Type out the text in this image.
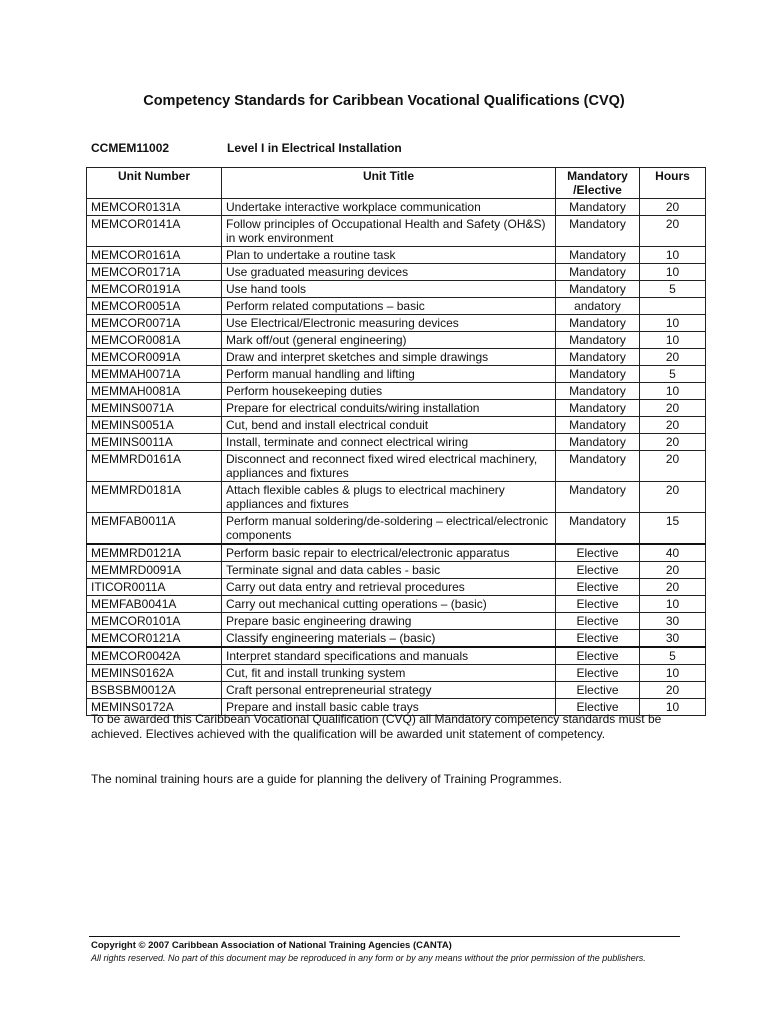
Competency Standards for Caribbean Vocational Qualifications (CVQ)
CCMEM11002	Level I in Electrical Installation
Unit Number	Unit Title	Mandatory /Elective	Hours
MEMCOR0131A	Undertake interactive workplace communication	Mandatory	20
MEMCOR0141A	Follow principles of Occupational Health and Safety (OH&S) in work environment	Mandatory	20
MEMCOR0161A	Plan to undertake a routine task	Mandatory	10
MEMCOR0171A	Use graduated measuring devices	Mandatory	10
MEMCOR0191A	Use hand tools	Mandatory	5
MEMCOR0051A	Perform related computations – basic	andatory	
MEMCOR0071A	Use Electrical/Electronic measuring devices	Mandatory	10
MEMCOR0081A	Mark off/out (general engineering)	Mandatory	10
MEMCOR0091A	Draw and interpret sketches and simple drawings	Mandatory	20
MEMMAH0071A	Perform manual handling and lifting	Mandatory	5
MEMMAH0081A	Perform housekeeping duties	Mandatory	10
MEMINS0071A	Prepare for electrical conduits/wiring installation	Mandatory	20
MEMINS0051A	Cut, bend and install electrical conduit	Mandatory	20
MEMINS0011A	Install, terminate and connect electrical wiring	Mandatory	20
MEMMRD0161A	Disconnect and reconnect fixed wired electrical machinery, appliances and fixtures	Mandatory	20
MEMMRD0181A	Attach flexible cables & plugs to electrical machinery appliances and fixtures	Mandatory	20
MEMFAB0011A	Perform manual soldering/de-soldering – electrical/electronic components	Mandatory	15
MEMMRD0121A	Perform basic repair to electrical/electronic apparatus	Elective	40
MEMMRD0091A	Terminate signal and data cables - basic	Elective	20
ITICOR0011A	Carry out data entry and retrieval procedures	Elective	20
MEMFAB0041A	Carry out mechanical cutting operations – (basic)	Elective	10
MEMCOR0101A	Prepare basic engineering drawing	Elective	30
MEMCOR0121A	Classify engineering materials – (basic)	Elective	30
MEMCOR0042A	Interpret standard specifications and manuals	Elective	5
MEMINS0162A	Cut, fit and install trunking system	Elective	10
BSBSBM0012A	Craft personal entrepreneurial strategy	Elective	20
MEMINS0172A	Prepare and install basic cable trays	Elective	10
To be awarded this Caribbean Vocational Qualification (CVQ) all Mandatory competency standards must be achieved. Electives achieved with the qualification will be awarded unit statement of competency.
The nominal training hours are a guide for planning the delivery of Training Programmes.
Copyright © 2007 Caribbean Association of National Training Agencies (CANTA)
All rights reserved. No part of this document may be reproduced in any form or by any means without the prior permission of the publishers.
